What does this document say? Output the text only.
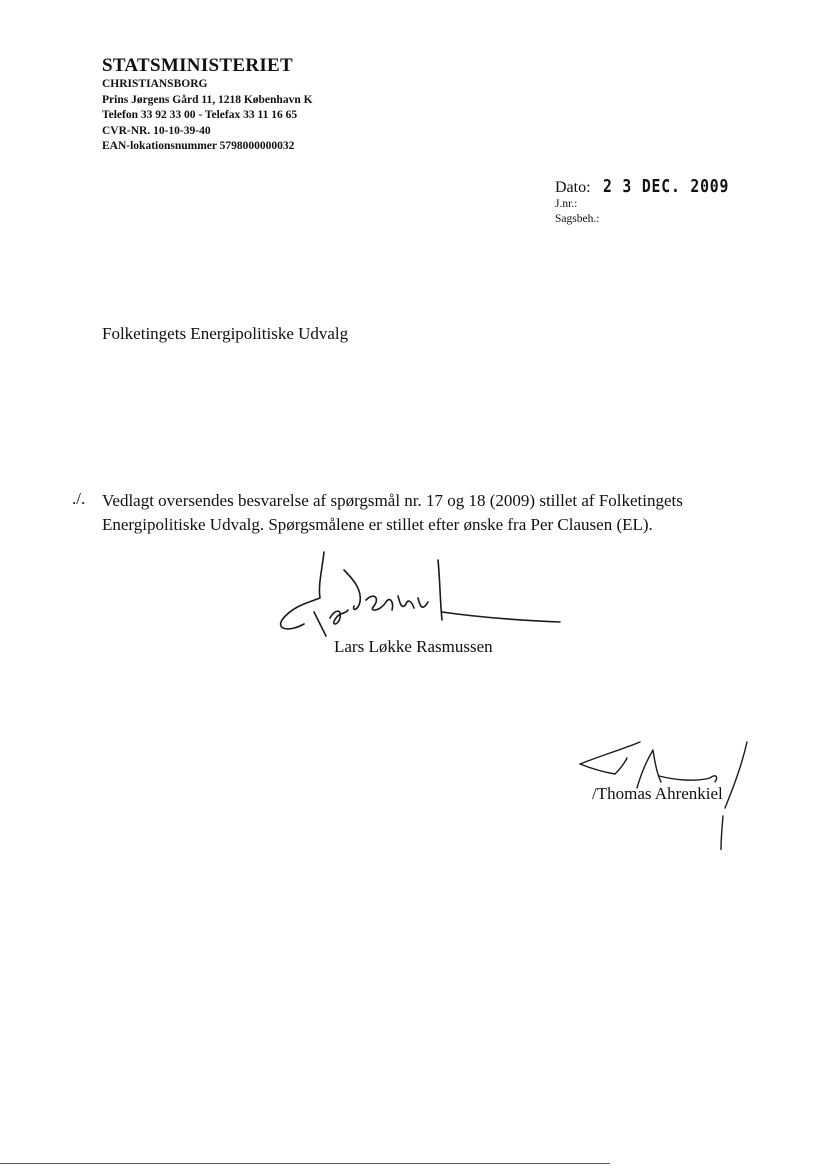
STATSMINISTERIET
CHRISTIANSBORG
Prins Jørgens Gård 11, 1218 København K
Telefon 33 92 33 00 - Telefax 33 11 16 65
CVR-NR. 10-10-39-40
EAN-lokationsnummer 5798000000032
Dato: 2 3 DEC. 2009
J.nr.:
Sagsbeh.:
Folketingets Energipolitiske Udvalg
./. Vedlagt oversendes besvarelse af spørgsmål nr. 17 og 18 (2009) stillet af Folketingets
Energipolitiske Udvalg. Spørgsmålene er stillet efter ønske fra Per Clausen (EL).
Lars Løkke Rasmussen
/Thomas Ahrenkiel
